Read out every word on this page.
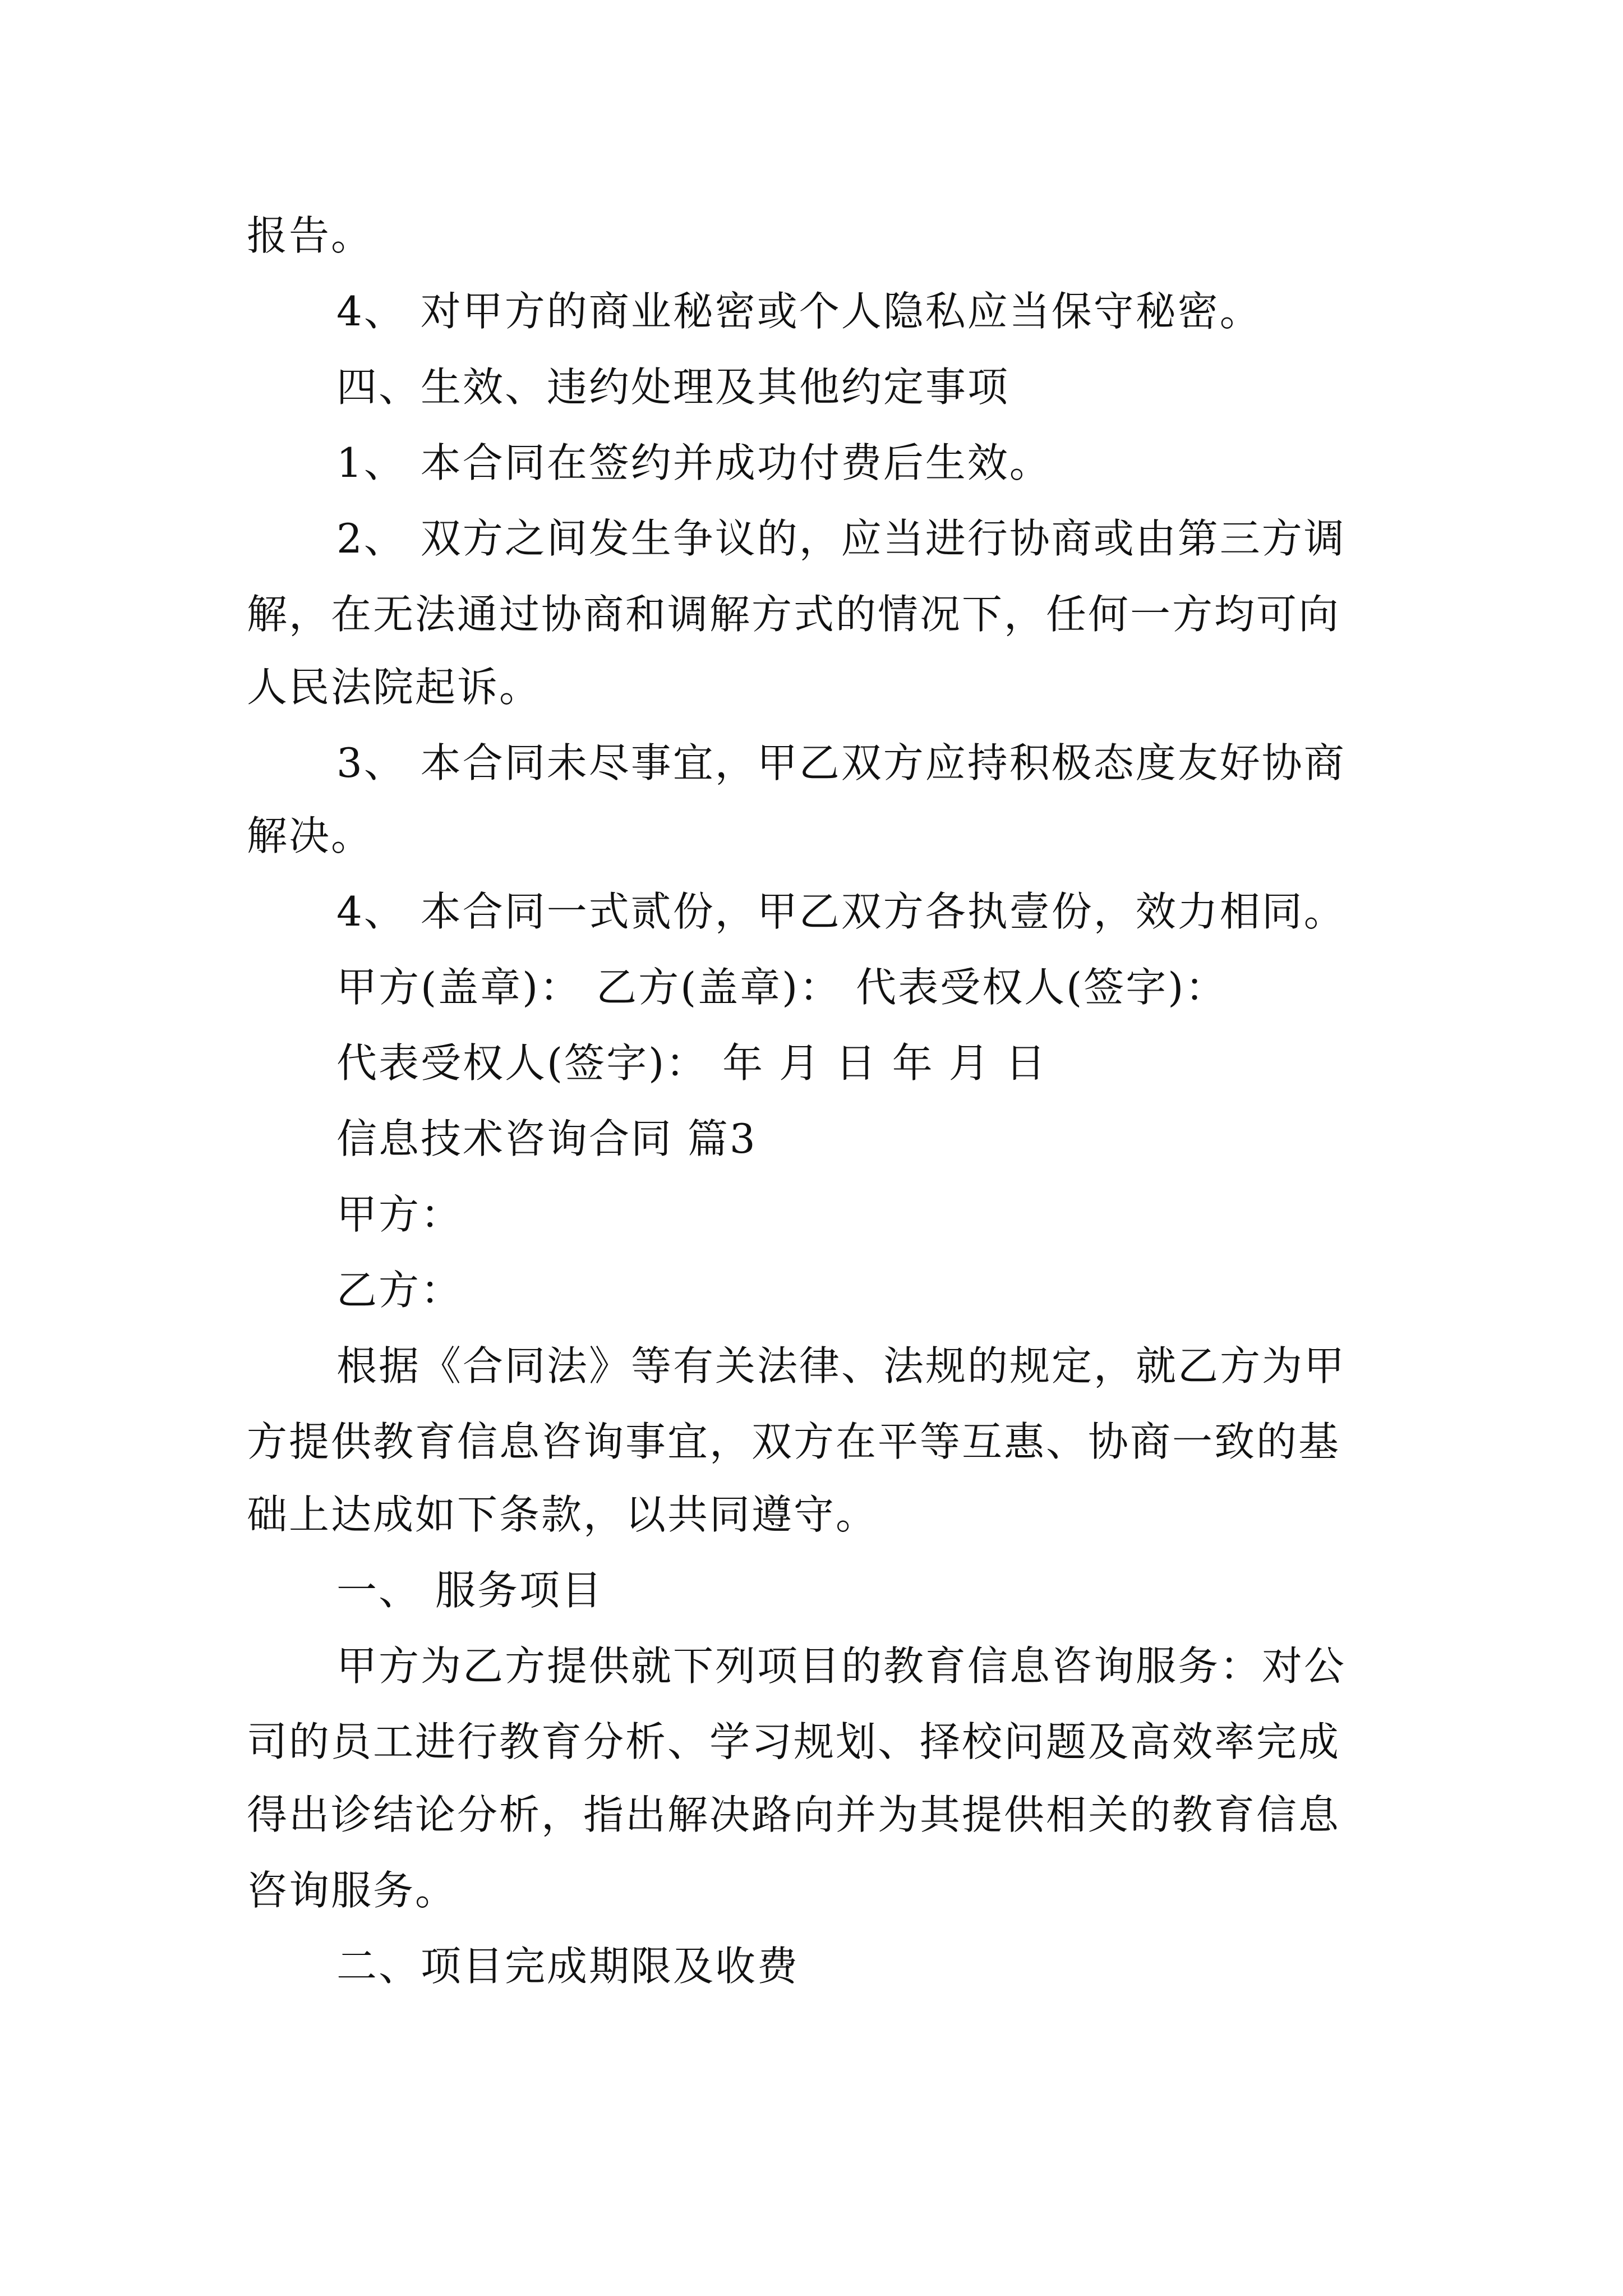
报告。
4、 对甲方的商业秘密或个人隐私应当保守秘密。
四、生效、违约处理及其他约定事项
1、 本合同在签约并成功付费后生效。
2、 双方之间发生争议的，应当进行协商或由第三方调
解，在无法通过协商和调解方式的情况下，任何一方均可向
人民法院起诉。
3、 本合同未尽事宜，甲乙双方应持积极态度友好协商
解决。
4、 本合同一式贰份，甲乙双方各执壹份，效力相同。
甲方(盖章)： 乙方(盖章)： 代表受权人(签字)：
代表受权人(签字)： 年 月 日 年 月 日
信息技术咨询合同 篇3
甲方：
乙方：
根据《合同法》等有关法律、法规的规定，就乙方为甲
方提供教育信息咨询事宜，双方在平等互惠、协商一致的基
础上达成如下条款，以共同遵守。
一、 服务项目
甲方为乙方提供就下列项目的教育信息咨询服务：对公
司的员工进行教育分析、学习规划、择校问题及高效率完成
得出诊结论分析，指出解决路向并为其提供相关的教育信息
咨询服务。
二、项目完成期限及收费
